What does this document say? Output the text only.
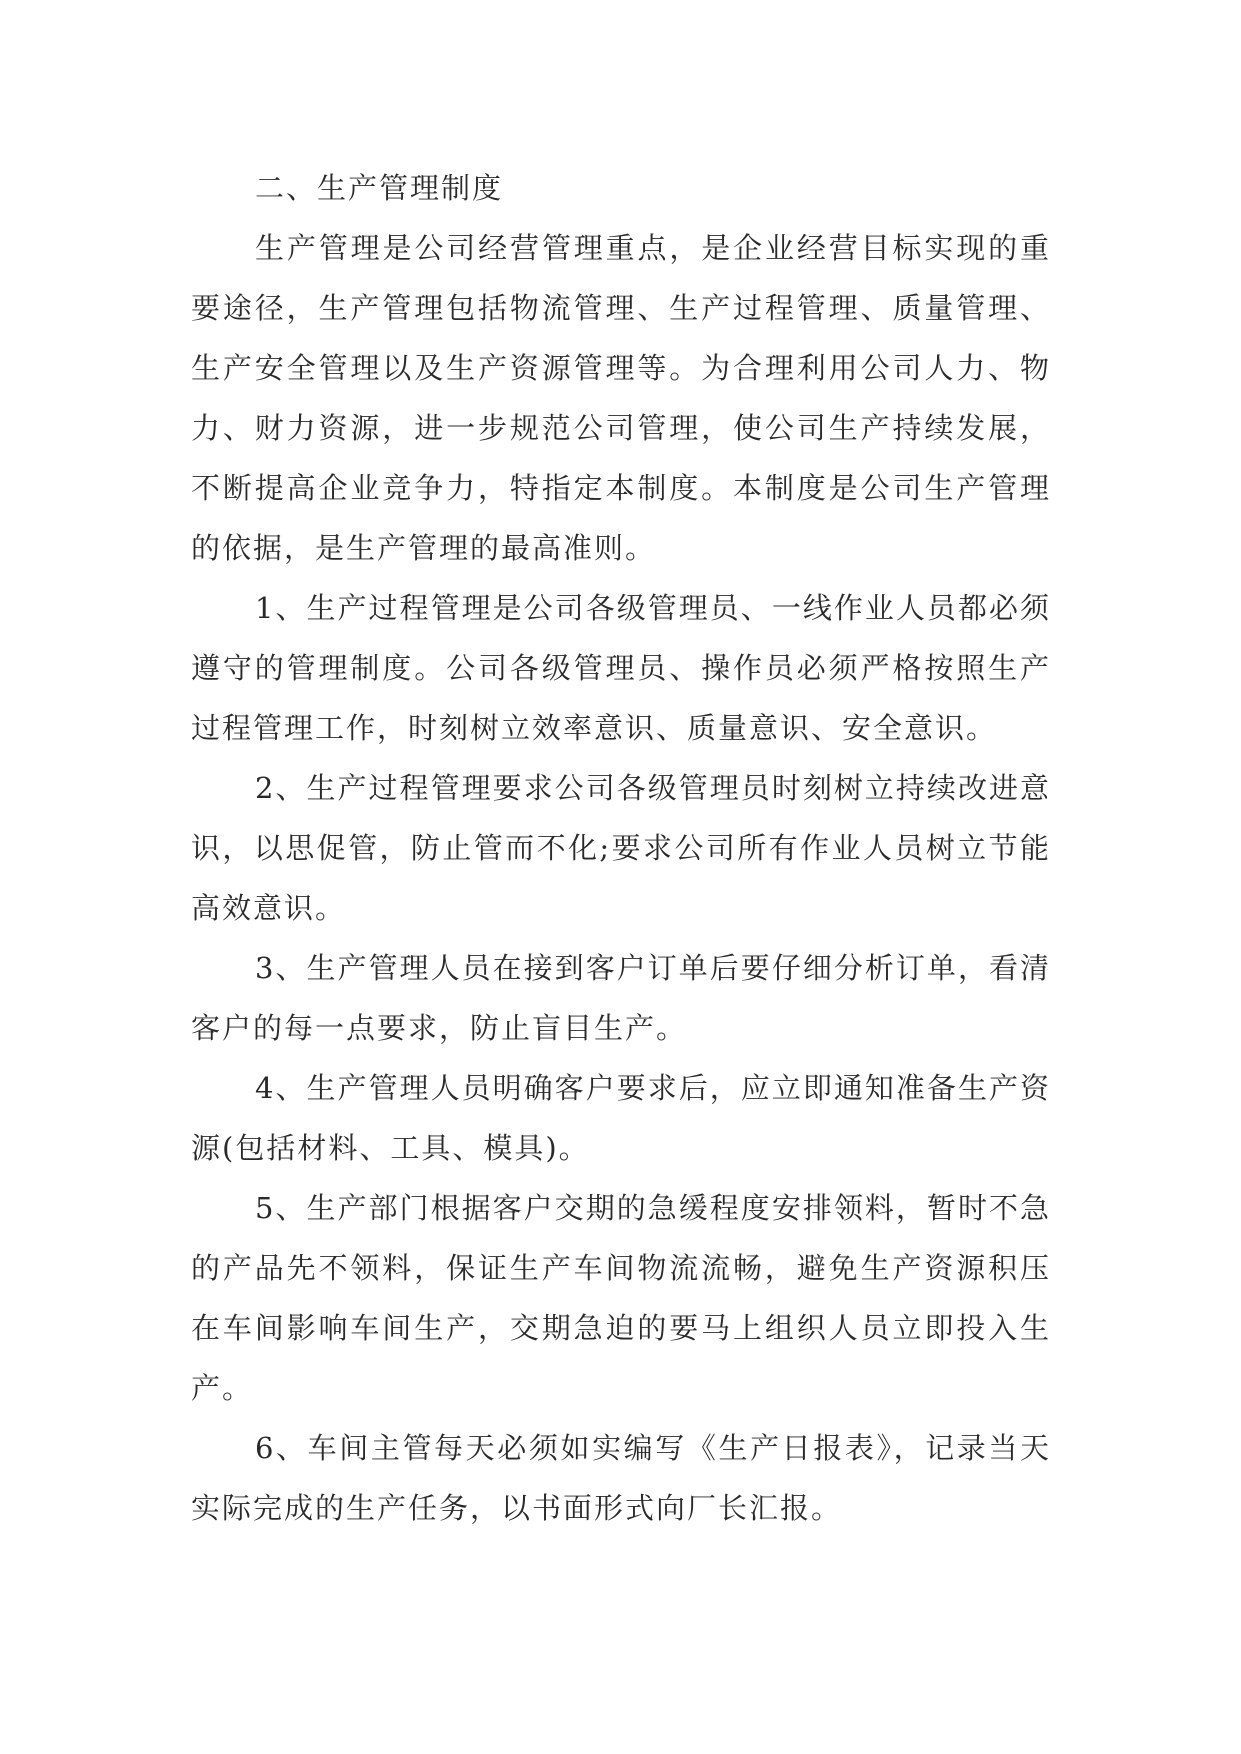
二、生产管理制度

生产管理是公司经营管理重点，是企业经营目标实现的重要途径，生产管理包括物流管理、生产过程管理、质量管理、生产安全管理以及生产资源管理等。为合理利用公司人力、物力、财力资源，进一步规范公司管理，使公司生产持续发展，不断提高企业竞争力，特指定本制度。本制度是公司生产管理的依据，是生产管理的最高准则。

1、生产过程管理是公司各级管理员、一线作业人员都必须遵守的管理制度。公司各级管理员、操作员必须严格按照生产过程管理工作，时刻树立效率意识、质量意识、安全意识。

2、生产过程管理要求公司各级管理员时刻树立持续改进意识，以思促管，防止管而不化;要求公司所有作业人员树立节能高效意识。

3、生产管理人员在接到客户订单后要仔细分析订单，看清客户的每一点要求，防止盲目生产。

4、生产管理人员明确客户要求后，应立即通知准备生产资源(包括材料、工具、模具)。

5、生产部门根据客户交期的急缓程度安排领料，暂时不急的产品先不领料，保证生产车间物流流畅，避免生产资源积压在车间影响车间生产，交期急迫的要马上组织人员立即投入生产。

6、车间主管每天必须如实编写《生产日报表》，记录当天实际完成的生产任务，以书面形式向厂长汇报。
